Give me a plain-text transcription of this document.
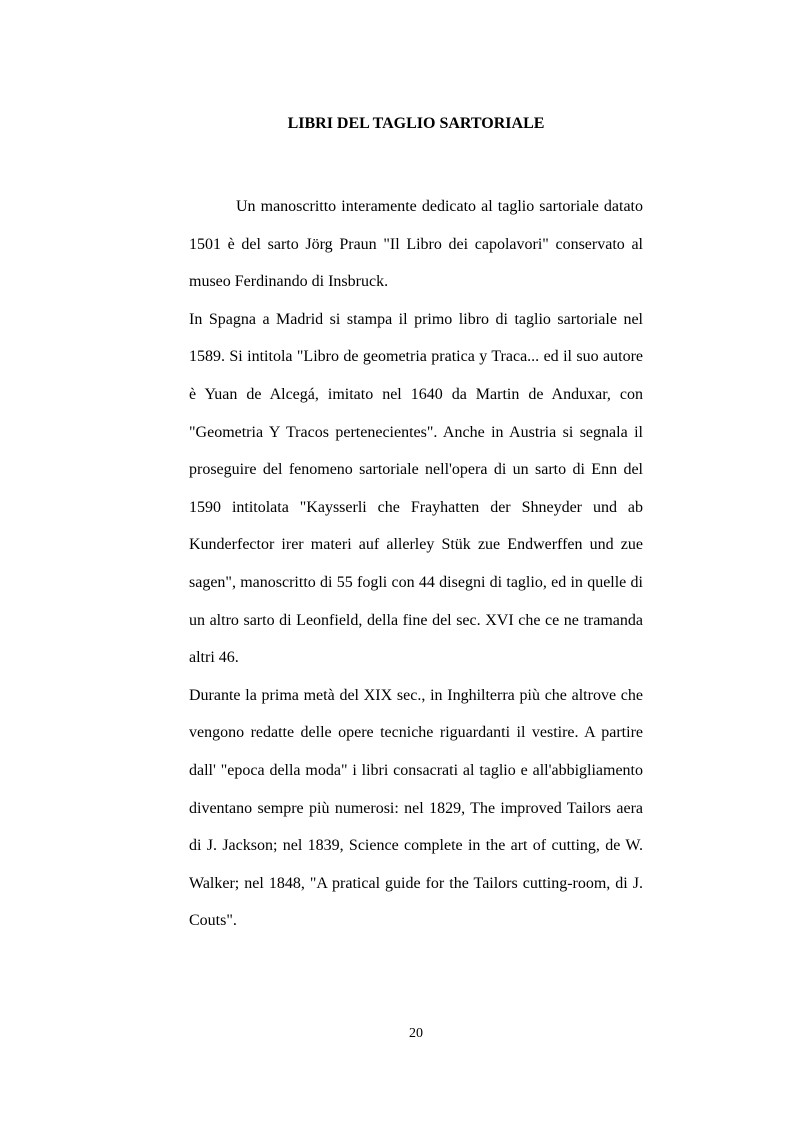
LIBRI DEL TAGLIO SARTORIALE

Un manoscritto interamente dedicato al taglio sartoriale datato 1501 è del sarto Jörg Praun "Il Libro dei capolavori" conservato al museo Ferdinando di Insbruck.

In Spagna a Madrid si stampa il primo libro di taglio sartoriale nel 1589. Si intitola "Libro de geometria pratica y Traca... ed il suo autore è Yuan de Alcegá, imitato nel 1640 da Martin de Anduxar, con "Geometria Y Tracos pertenecientes". Anche in Austria si segnala il proseguire del fenomeno sartoriale nell'opera di un sarto di Enn del 1590 intitolata "Kaysserli che Frayhatten der Shneyder und ab Kunderfector irer materi auf allerley Stük zue Endwerffen und zue sagen", manoscritto di 55 fogli con 44 disegni di taglio, ed in quelle di un altro sarto di Leonfield, della fine del sec. XVI che ce ne tramanda altri 46.

Durante la prima metà del XIX sec., in Inghilterra più che altrove che vengono redatte delle opere tecniche riguardanti il vestire. A partire dall' "epoca della moda" i libri consacrati al taglio e all'abbigliamento diventano sempre più numerosi: nel 1829, The improved Tailors aera di J. Jackson; nel 1839, Science complete in the art of cutting, de W. Walker; nel 1848, "A pratical guide for the Tailors cutting-room, di J. Couts".

20
